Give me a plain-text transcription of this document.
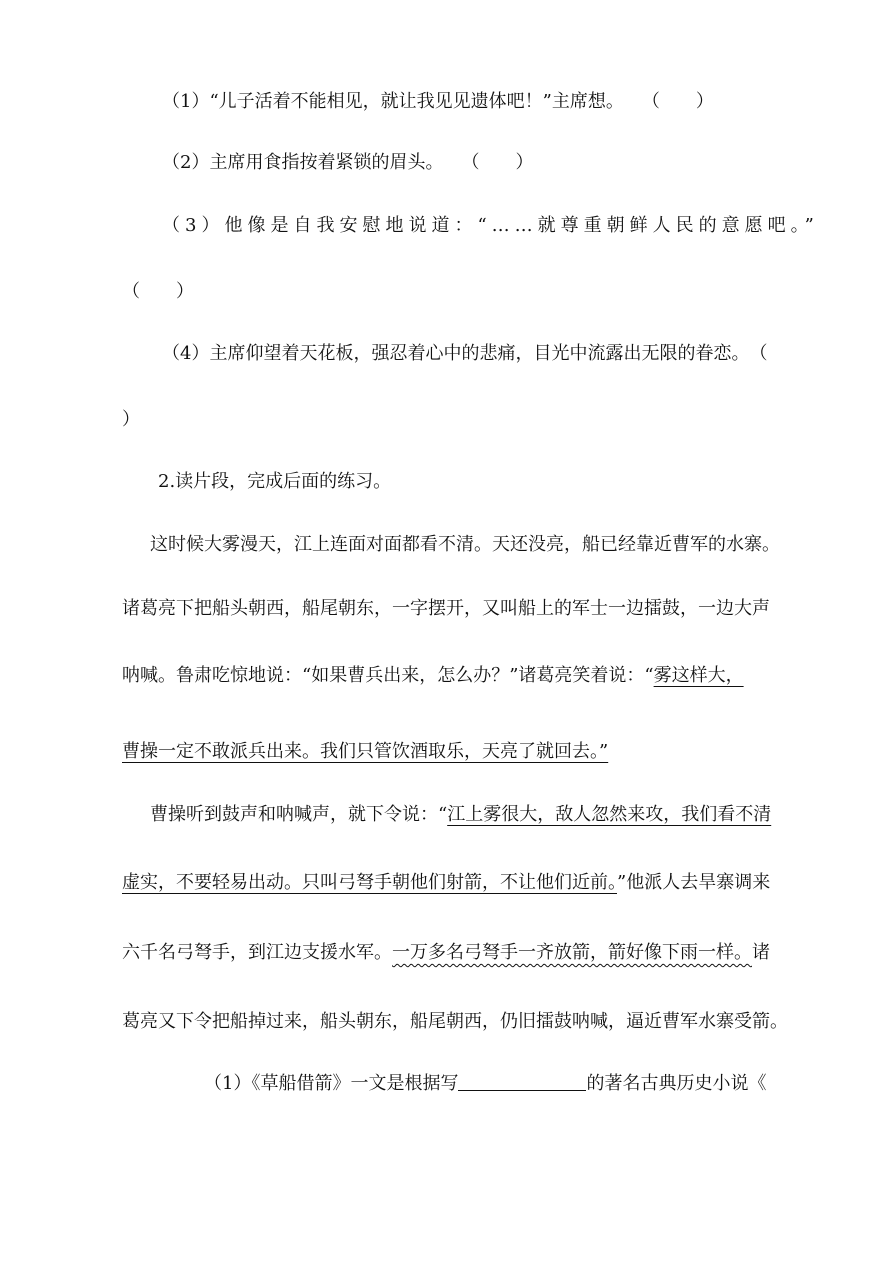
（1）“儿子活着不能相见，就让我见见遗体吧！”主席想。　　（　　）
（2）主席用食指按着紧锁的眉头。　　（　　）
（3）他像是自我安慰地说道：“……就尊重朝鲜人民的意愿吧。”
（　　）
（4）主席仰望着天花板，强忍着心中的悲痛，目光中流露出无限的眷恋。　（
）
2.读片段，完成后面的练习。
这时候大雾漫天，江上连面对面都看不清。天还没亮，船已经靠近曹军的水寨。
诸葛亮下把船头朝西，船尾朝东，一字摆开，又叫船上的军士一边擂鼓，一边大声
呐喊。鲁肃吃惊地说：“如果曹兵出来，怎么办？”诸葛亮笑着说：“雾这样大，
曹操一定不敢派兵出来。我们只管饮酒取乐，天亮了就回去。”
曹操听到鼓声和呐喊声，就下令说：“江上雾很大，敌人忽然来攻，我们看不清
虚实，不要轻易出动。只叫弓弩手朝他们射箭，不让他们近前。”他派人去旱寨调来
六千名弓弩手，到江边支援水军。一万多名弓弩手一齐放箭，箭好像下雨一样。诸
葛亮又下令把船掉过来，船头朝东，船尾朝西，仍旧擂鼓呐喊，逼近曹军水寨受箭。
（1）《草船借箭》一文是根据写	的著名古典历史小说《
